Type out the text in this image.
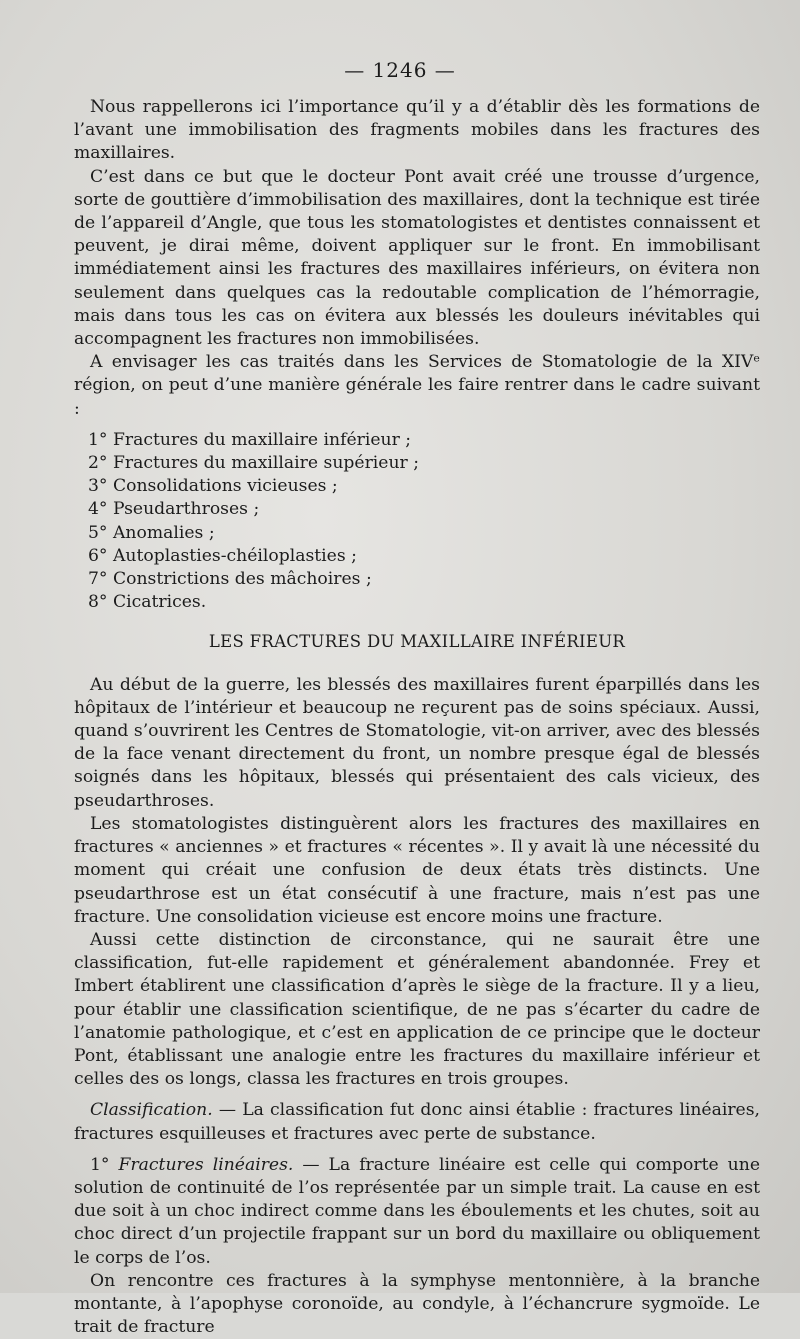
— 1246 —

Nous rappellerons ici l’importance qu’il y a d’établir dès les formations de l’avant une immobilisation des fragments mobiles dans les fractures des maxillaires.

C’est dans ce but que le docteur Pont avait créé une trousse d’urgence, sorte de gouttière d’immobilisation des maxillaires, dont la technique est tirée de l’appareil d’Angle, que tous les stomatologistes et dentistes connaissent et peuvent, je dirai même, doivent appliquer sur le front. En immobilisant immédiatement ainsi les fractures des maxillaires inférieurs, on évitera non seulement dans quelques cas la redoutable complication de l’hémorragie, mais dans tous les cas on évitera aux blessés les douleurs inévitables qui accompagnent les fractures non immobilisées.

A envisager les cas traités dans les Services de Stomatologie de la XIVᵉ région, on peut d’une manière générale les faire rentrer dans le cadre suivant :

1° Fractures du maxillaire inférieur ;
2° Fractures du maxillaire supérieur ;
3° Consolidations vicieuses ;
4° Pseudarthroses ;
5° Anomalies ;
6° Autoplasties-chéiloplasties ;
7° Constrictions des mâchoires ;
8° Cicatrices.
LES FRACTURES DU MAXILLAIRE INFÉRIEUR

Au début de la guerre, les blessés des maxillaires furent éparpillés dans les hôpitaux de l’intérieur et beaucoup ne reçurent pas de soins spéciaux. Aussi, quand s’ouvrirent les Centres de Stomatologie, vit-on arriver, avec des blessés de la face venant directement du front, un nombre presque égal de blessés soignés dans les hôpitaux, blessés qui présentaient des cals vicieux, des pseudarthroses.

Les stomatologistes distinguèrent alors les fractures des maxillaires en fractures « anciennes » et fractures « récentes ». Il y avait là une nécessité du moment qui créait une confusion de deux états très distincts. Une pseudarthrose est un état consécutif à une fracture, mais n’est pas une fracture. Une consolidation vicieuse est encore moins une fracture.

Aussi cette distinction de circonstance, qui ne saurait être une classification, fut-elle rapidement et généralement abandonnée. Frey et Imbert établirent une classification d’après le siège de la fracture. Il y a lieu, pour établir une classification scientifique, de ne pas s’écarter du cadre de l’anatomie pathologique, et c’est en application de ce principe que le docteur Pont, établissant une analogie entre les fractures du maxillaire inférieur et celles des os longs, classa les fractures en trois groupes.

Classification. — La classification fut donc ainsi établie : fractures linéaires, fractures esquilleuses et fractures avec perte de substance.

1° Fractures linéaires. — La fracture linéaire est celle qui comporte une solution de continuité de l’os représentée par un simple trait. La cause en est due soit à un choc indirect comme dans les éboulements et les chutes, soit au choc direct d’un projectile frappant sur un bord du maxillaire ou obliquement le corps de l’os.

On rencontre ces fractures à la symphyse mentonnière, à la branche montante, à l’apophyse coronoïde, au condyle, à l’échancrure sygmoïde. Le trait de fracture
